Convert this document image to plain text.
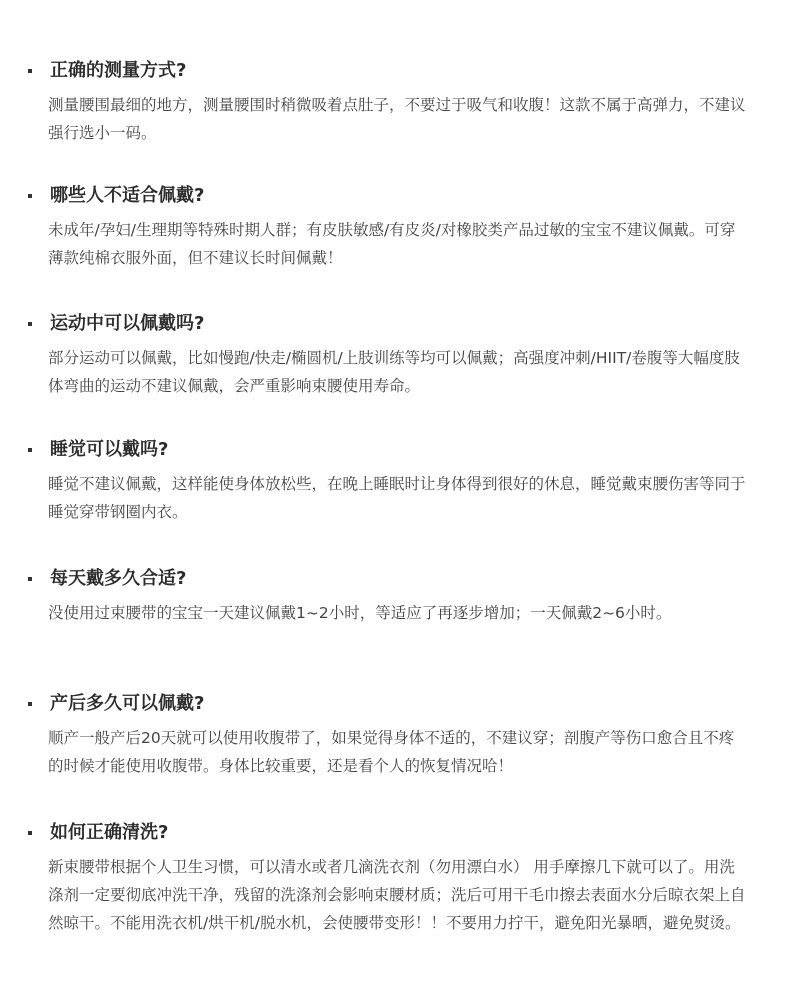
正确的测量方式?

测量腰围最细的地方，测量腰围时稍微吸着点肚子，不要过于吸气和收腹！这款不属于高弹力，不建议强行选小一码。

哪些人不适合佩戴?

未成年/孕妇/生理期等特殊时期人群；有皮肤敏感/有皮炎/对橡胶类产品过敏的宝宝不建议佩戴。可穿薄款纯棉衣服外面，但不建议长时间佩戴！

运动中可以佩戴吗?

部分运动可以佩戴，比如慢跑/快走/椭圆机/上肢训练等均可以佩戴；高强度冲刺/HIIT/卷腹等大幅度肢体弯曲的运动不建议佩戴，会严重影响束腰使用寿命。

睡觉可以戴吗?

睡觉不建议佩戴，这样能使身体放松些，在晚上睡眠时让身体得到很好的休息，睡觉戴束腰伤害等同于睡觉穿带钢圈内衣。

每天戴多久合适?

没使用过束腰带的宝宝一天建议佩戴1~2小时，等适应了再逐步增加；一天佩戴2~6小时。

产后多久可以佩戴?

顺产一般产后20天就可以使用收腹带了，如果觉得身体不适的，不建议穿；剖腹产等伤口愈合且不疼的时候才能使用收腹带。身体比较重要，还是看个人的恢复情况哈！

如何正确清洗?

新束腰带根据个人卫生习惯，可以清水或者几滴洗衣剂（勿用漂白水） 用手摩擦几下就可以了。用洗涤剂一定要彻底冲洗干净，残留的洗涤剂会影响束腰材质；洗后可用干毛巾擦去表面水分后晾衣架上自然晾干。不能用洗衣机/烘干机/脱水机，会使腰带变形！！不要用力拧干，避免阳光暴晒，避免熨烫。
